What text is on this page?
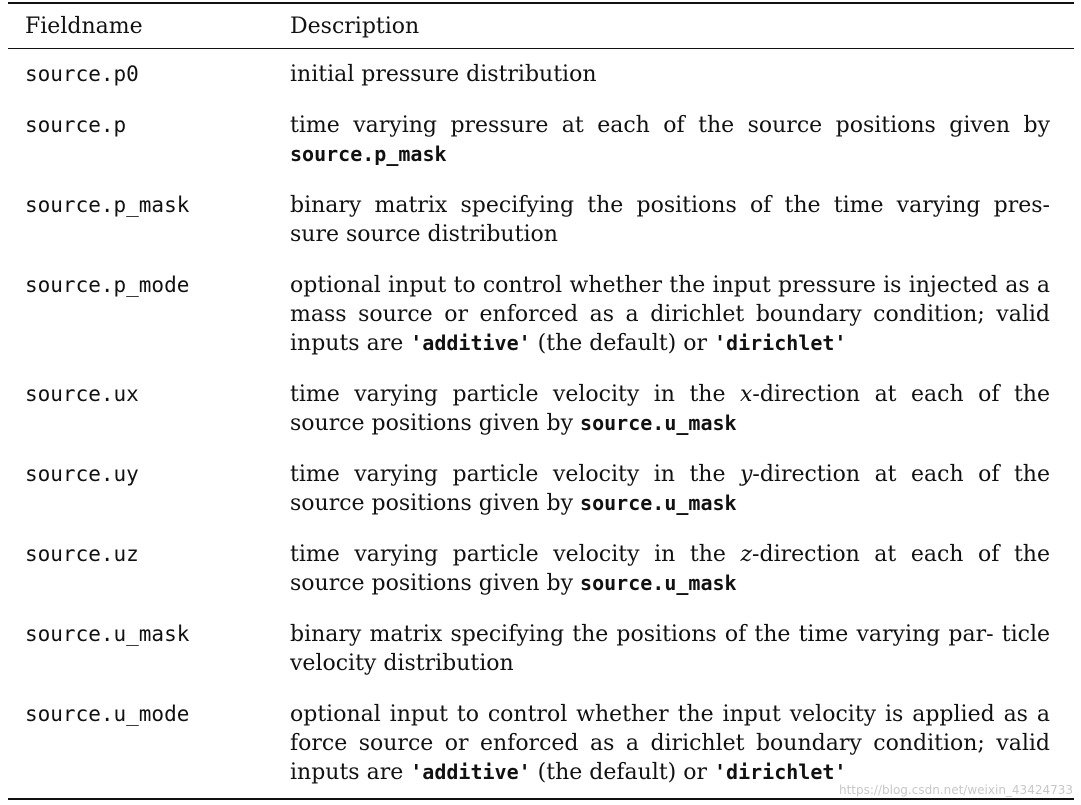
Fieldname	Description
source.p0	initial pressure distribution
source.p	time varying pressure at each of the source positions given by source.p_mask
source.p_mask	binary matrix specifying the positions of the time varying pres- sure source distribution
source.p_mode	optional input to control whether the input pressure is injected as a mass source or enforced as a dirichlet boundary condition; valid inputs are 'additive' (the default) or 'dirichlet'
source.ux	time varying particle velocity in the x-direction at each of the source positions given by source.u_mask
source.uy	time varying particle velocity in the y-direction at each of the source positions given by source.u_mask
source.uz	time varying particle velocity in the z-direction at each of the source positions given by source.u_mask
source.u_mask	binary matrix specifying the positions of the time varying par- ticle velocity distribution
source.u_mode	optional input to control whether the input velocity is applied as a force source or enforced as a dirichlet boundary condition; valid inputs are 'additive' (the default) or 'dirichlet'
https://blog.csdn.net/weixin_43424733
